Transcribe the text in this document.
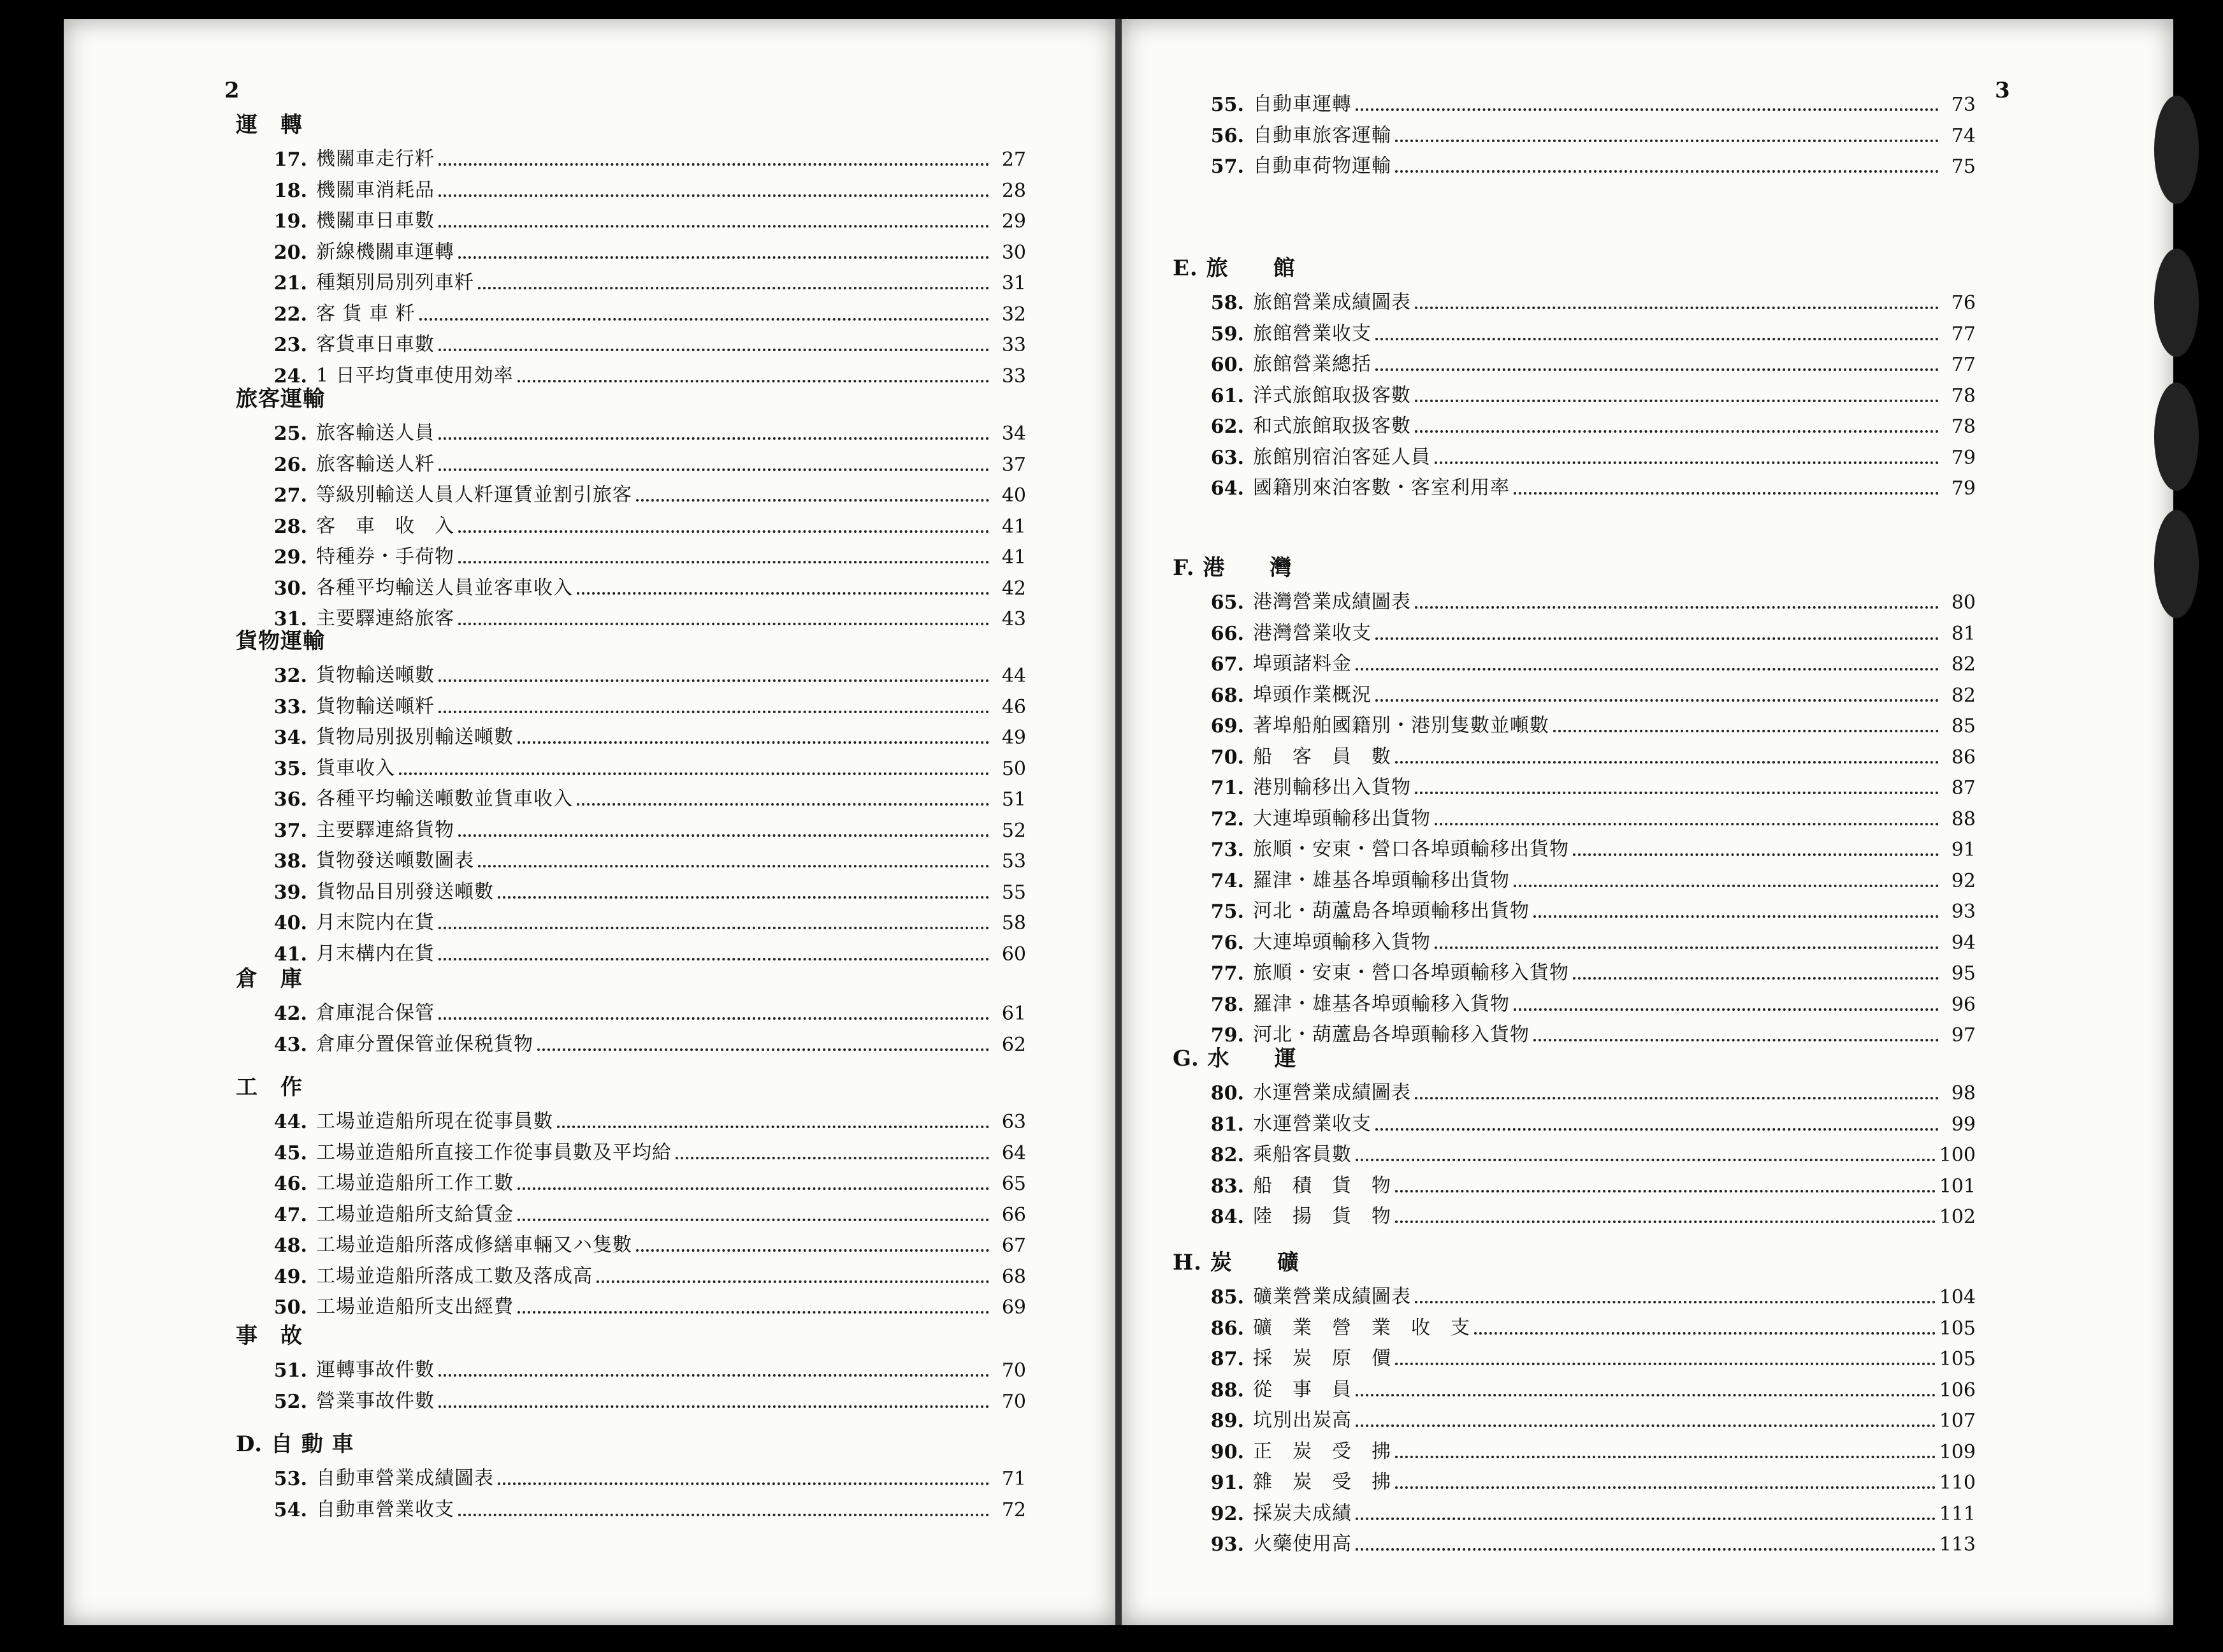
2
運　轉
17. 機關車走行粁	27
18. 機關車消耗品	28
19. 機關車日車數	29
20. 新線機關車運轉	30
21. 種類別局別列車粁	31
22. 客 貨 車 粁	32
23. 客貨車日車數	33
24. 1 日平均貨車使用効率	33
旅客運輸
25. 旅客輸送人員	34
26. 旅客輸送人粁	37
27. 等級別輸送人員人粁運賃並割引旅客	40
28. 客　車　收　入	41
29. 特種券・手荷物	41
30. 各種平均輸送人員並客車收入	42
31. 主要驛連絡旅客	43
貨物運輸
32. 貨物輸送噸數	44
33. 貨物輸送噸粁	46
34. 貨物局別扱別輸送噸數	49
35. 貨車收入	50
36. 各種平均輸送噸數並貨車收入	51
37. 主要驛連絡貨物	52
38. 貨物發送噸數圖表	53
39. 貨物品目別發送噸數	55
40. 月末院内在貨	58
41. 月末構内在貨	60
倉　庫
42. 倉庫混合保管	61
43. 倉庫分置保管並保税貨物	62
工　作
44. 工場並造船所現在從事員數	63
45. 工場並造船所直接工作從事員數及平均給	64
46. 工場並造船所工作工數	65
47. 工場並造船所支給賃金	66
48. 工場並造船所落成修繕車輛又ハ隻數	67
49. 工場並造船所落成工數及落成高	68
50. 工場並造船所支出經費	69
事　故
51. 運轉事故件數	70
52. 營業事故件數	70
D. 自 動 車
53. 自動車營業成績圖表	71
54. 自動車營業收支	72
3
55. 自動車運轉	73
56. 自動車旅客運輸	74
57. 自動車荷物運輸	75
E. 旅　　館
58. 旅館營業成績圖表	76
59. 旅館營業收支	77
60. 旅館營業總括	77
61. 洋式旅館取扱客數	78
62. 和式旅館取扱客數	78
63. 旅館別宿泊客延人員	79
64. 國籍別來泊客數・客室利用率	79
F. 港　　灣
65. 港灣營業成績圖表	80
66. 港灣營業收支	81
67. 埠頭諸料金	82
68. 埠頭作業概況	82
69. 著埠船舶國籍別・港別隻數並噸數	85
70. 船　客　員　數	86
71. 港別輸移出入貨物	87
72. 大連埠頭輸移出貨物	88
73. 旅順・安東・營口各埠頭輸移出貨物	91
74. 羅津・雄基各埠頭輸移出貨物	92
75. 河北・葫蘆島各埠頭輸移出貨物	93
76. 大連埠頭輸移入貨物	94
77. 旅順・安東・營口各埠頭輸移入貨物	95
78. 羅津・雄基各埠頭輸移入貨物	96
79. 河北・葫蘆島各埠頭輸移入貨物	97
G. 水　　運
80. 水運營業成績圖表	98
81. 水運營業收支	99
82. 乘船客員數	100
83. 船　積　貨　物	101
84. 陸　揚　貨　物	102
H. 炭　　礦
85. 礦業營業成績圖表	104
86. 礦　業　營　業　收　支	105
87. 採　炭　原　價	105
88. 從　事　員	106
89. 坑別出炭高	107
90. 正　炭　受　拂	109
91. 雜　炭　受　拂	110
92. 採炭夫成績	111
93. 火藥使用高	113
